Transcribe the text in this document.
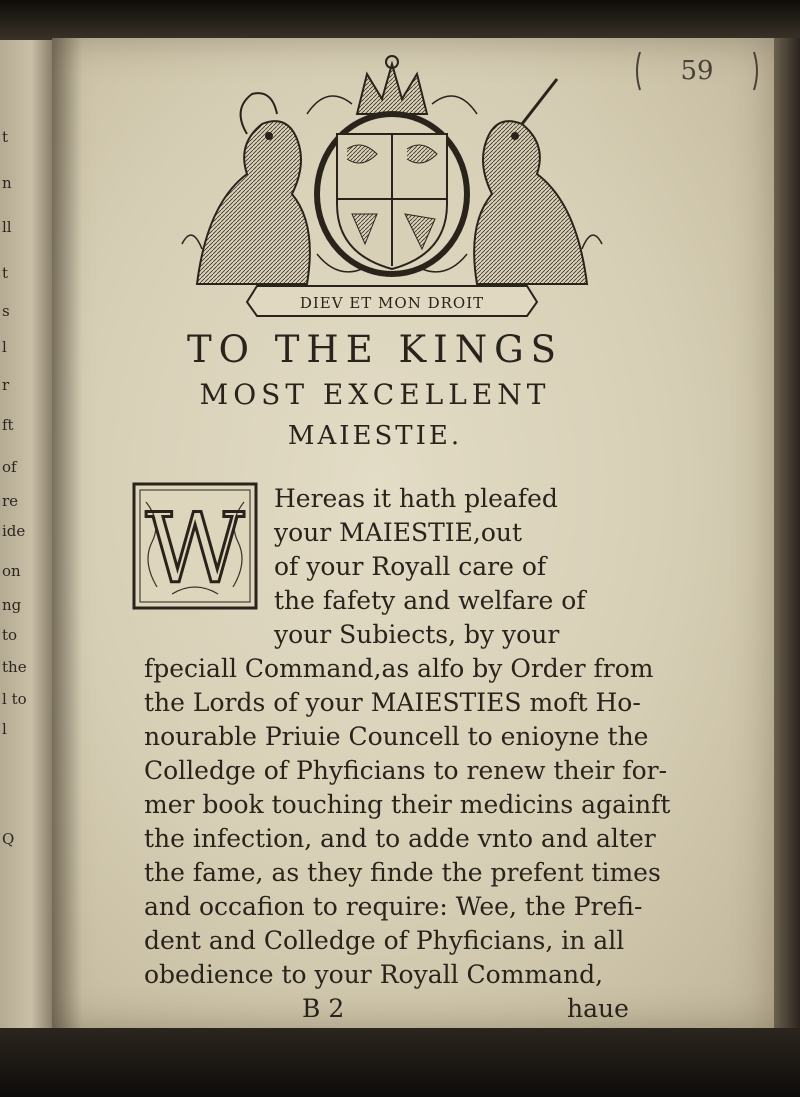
t
n
ll
t
s
l
r
ft
of
re
ide
on
ng
to
the
l to
l
Q
59
DIEV ET MON DROIT
TO THE KINGS
MOST EXCELLENT
MAIESTIE.
W Hereas it hath pleafed
your MAIESTIE,out
of your Royall care of
the fafety and welfare of
your Subiects, by your
fpeciall Command,as alfo by Order from
the Lords of your MAIESTIES moft Ho-
nourable Priuie Councell to enioyne the
Colledge of Phyficians to renew their for-
mer book touching their medicins againft
the infection, and to adde vnto and alter
the fame, as they finde the prefent times
and occafion to require: Wee, the Prefi-
dent and Colledge of Phyficians, in all
obedience to your Royall Command,
B 2	haue
